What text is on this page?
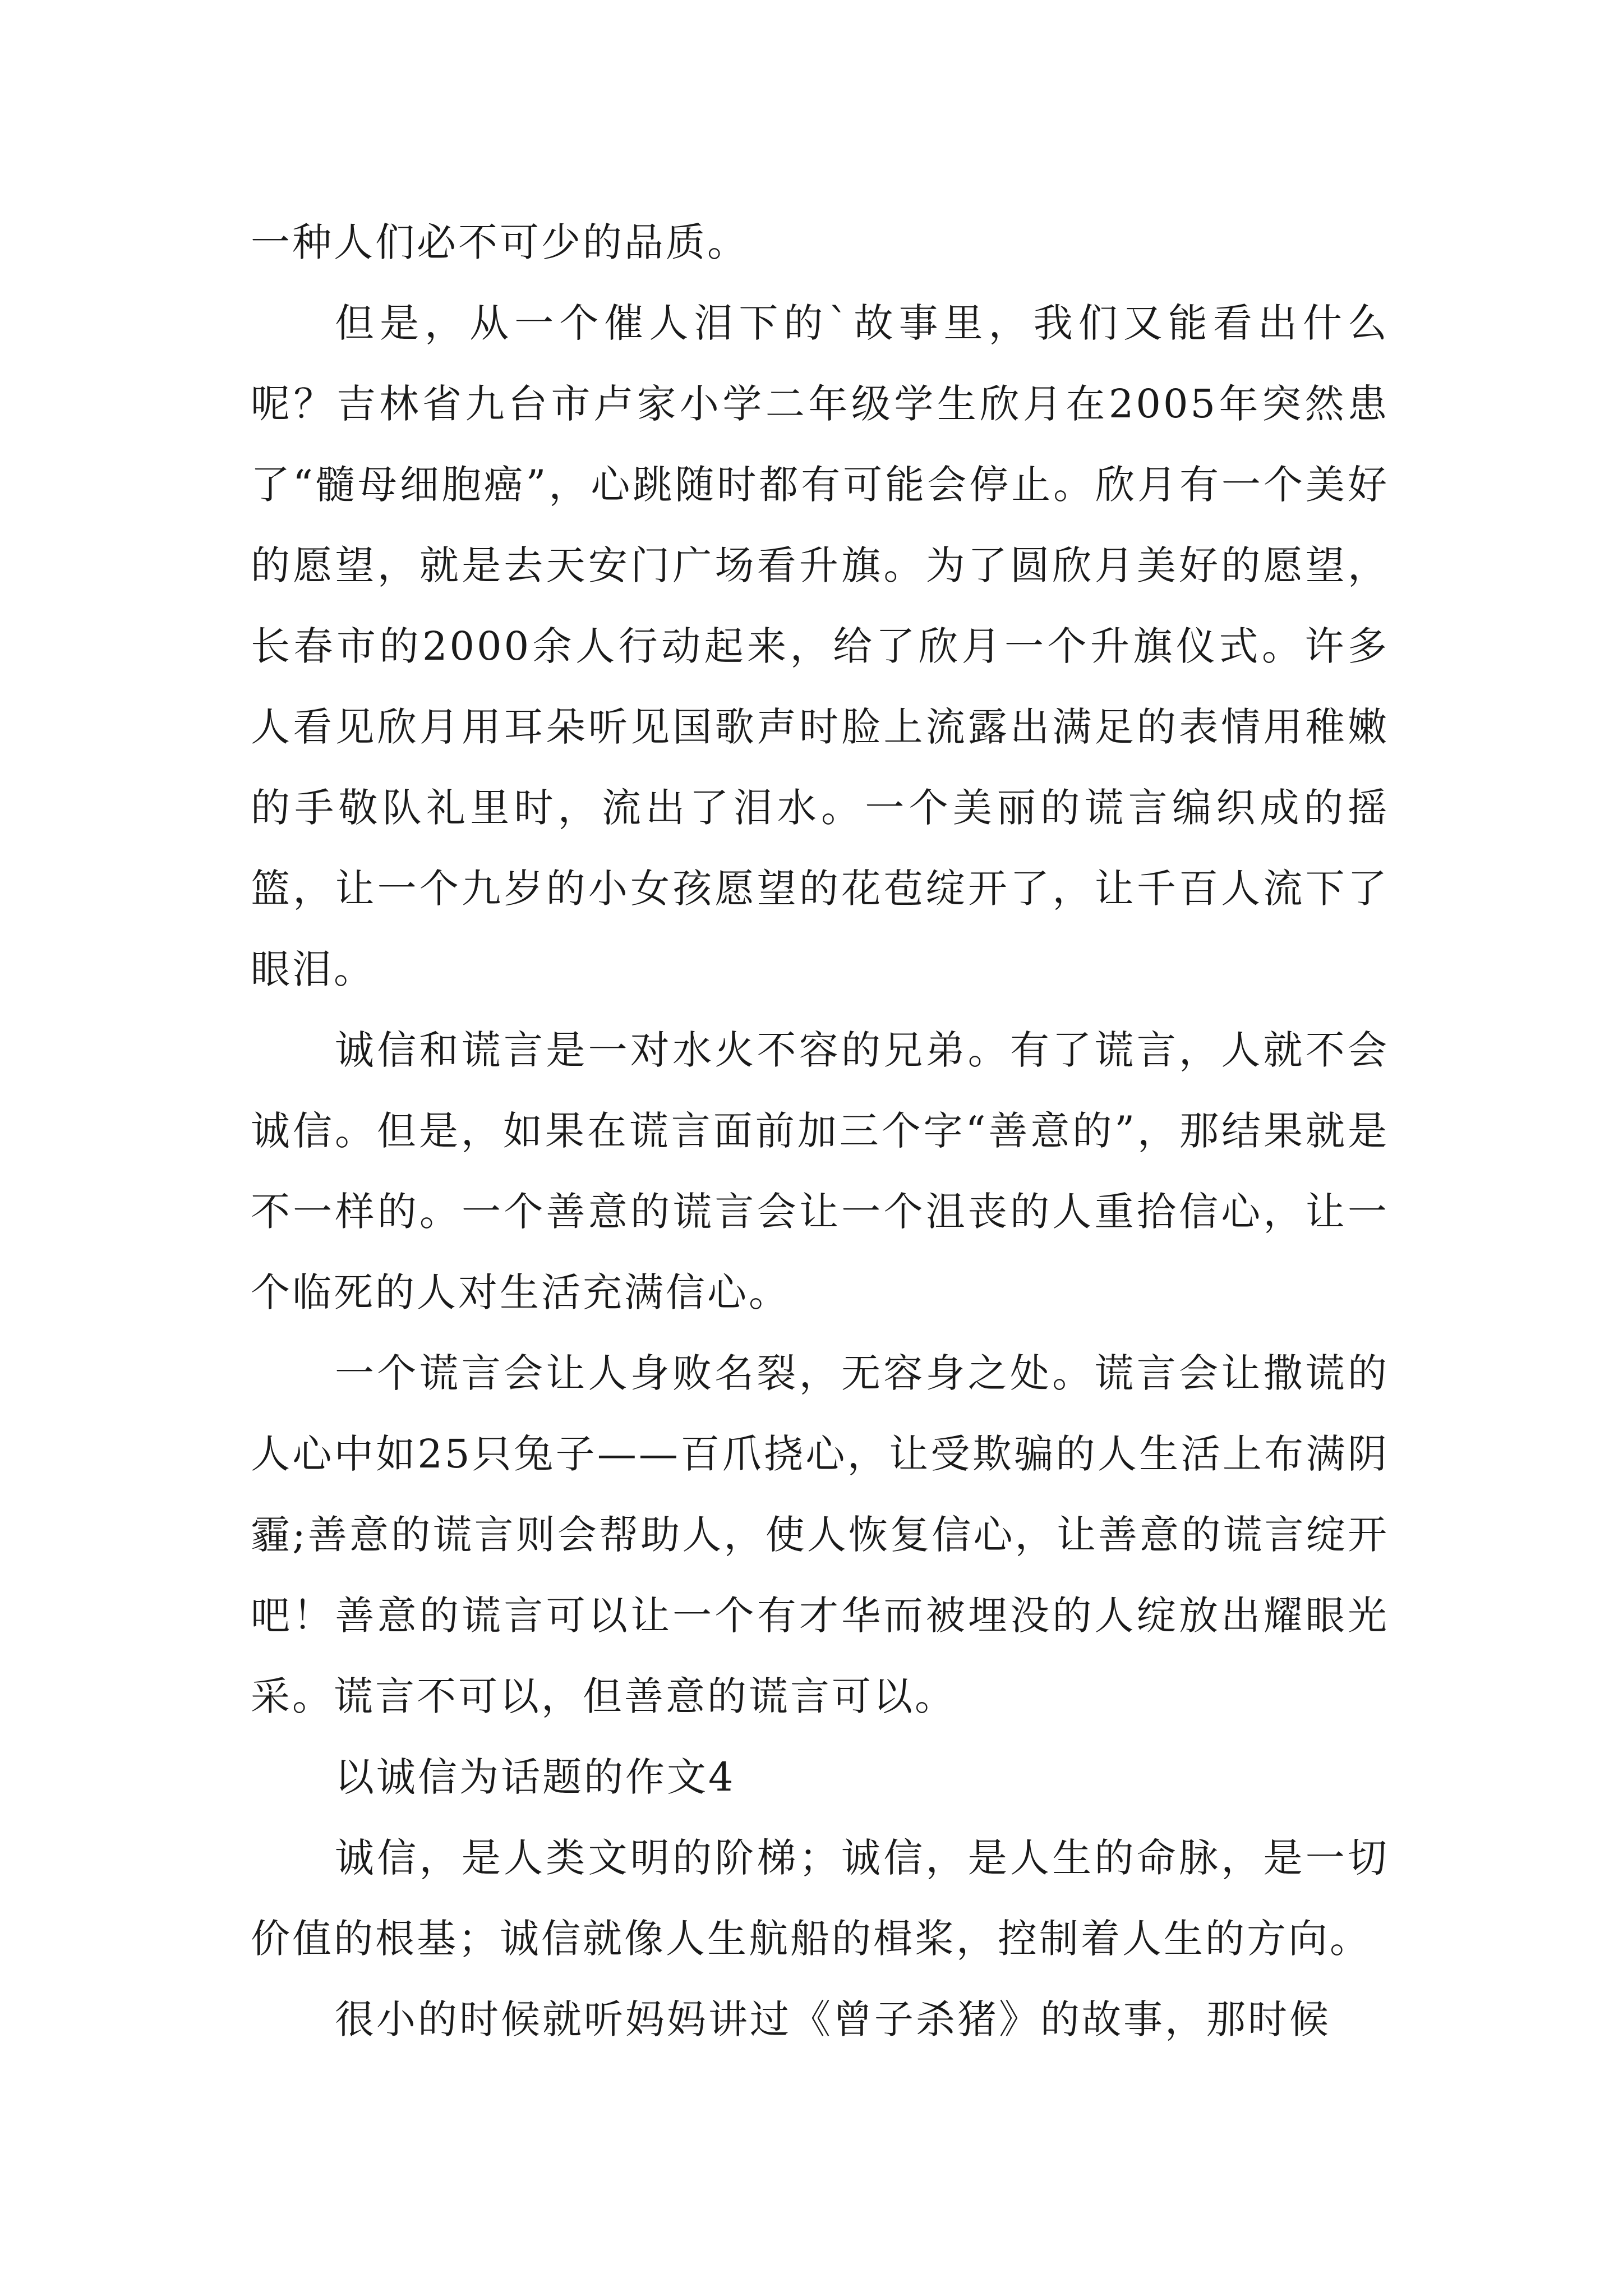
一种人们必不可少的品质。

但是，从一个催人泪下的`故事里，我们又能看出什么呢？吉林省九台市卢家小学二年级学生欣月在2005年突然患了“髓母细胞癌”，心跳随时都有可能会停止。欣月有一个美好的愿望，就是去天安门广场看升旗。为了圆欣月美好的愿望，长春市的2000余人行动起来，给了欣月一个升旗仪式。许多人看见欣月用耳朵听见国歌声时脸上流露出满足的表情用稚嫩的手敬队礼里时，流出了泪水。一个美丽的谎言编织成的摇篮，让一个九岁的小女孩愿望的花苞绽开了，让千百人流下了眼泪。

诚信和谎言是一对水火不容的兄弟。有了谎言，人就不会诚信。但是，如果在谎言面前加三个字“善意的”，那结果就是不一样的。一个善意的谎言会让一个沮丧的人重拾信心，让一个临死的人对生活充满信心。

一个谎言会让人身败名裂，无容身之处。谎言会让撒谎的人心中如25只兔子——百爪挠心，让受欺骗的人生活上布满阴霾;善意的谎言则会帮助人，使人恢复信心，让善意的谎言绽开吧！善意的谎言可以让一个有才华而被埋没的人绽放出耀眼光采。谎言不可以，但善意的谎言可以。

以诚信为话题的作文4

诚信，是人类文明的阶梯；诚信，是人生的命脉，是一切价值的根基；诚信就像人生航船的楫桨，控制着人生的方向。

很小的时候就听妈妈讲过《曾子杀猪》的故事，那时候
